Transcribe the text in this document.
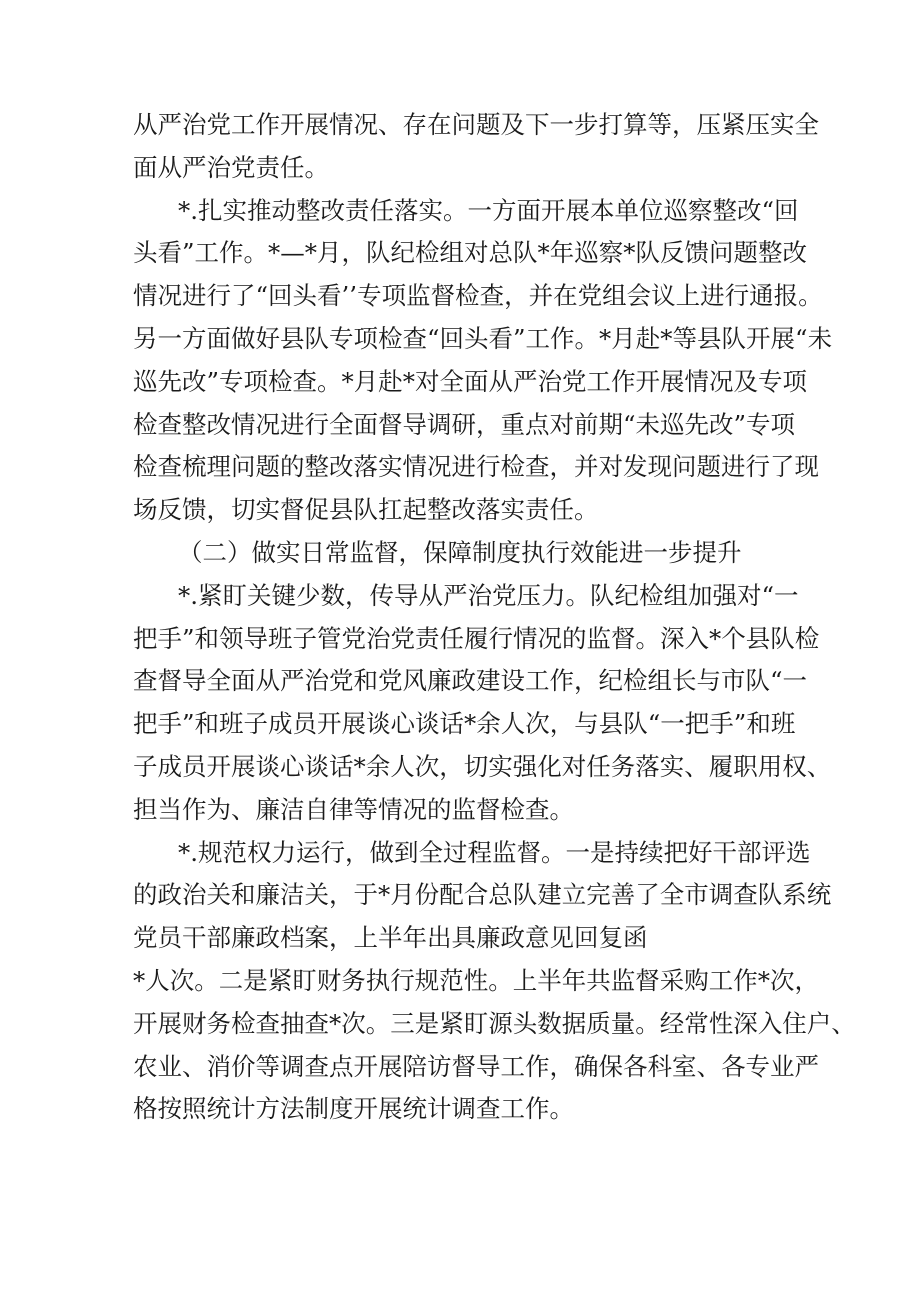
从严治党工作开展情况、存在问题及下一步打算等，压紧压实全
面从严治党责任。
*.扎实推动整改责任落实。一方面开展本单位巡察整改“回
头看”工作。*—*月，队纪检组对总队*年巡察*队反馈问题整改
情况进行了“回头看’’专项监督检查，并在党组会议上进行通报。
另一方面做好县队专项检查“回头看”工作。*月赴*等县队开展“未
巡先改”专项检查。*月赴*对全面从严治党工作开展情况及专项
检查整改情况进行全面督导调研，重点对前期“未巡先改”专项
检查梳理问题的整改落实情况进行检查，并对发现问题进行了现
场反馈，切实督促县队扛起整改落实责任。
（二）做实日常监督，保障制度执行效能进一步提升
*.紧盯关键少数，传导从严治党压力。队纪检组加强对“一
把手”和领导班子管党治党责任履行情况的监督。深入*个县队检
查督导全面从严治党和党风廉政建设工作，纪检组长与市队“一
把手”和班子成员开展谈心谈话*余人次，与县队“一把手”和班
子成员开展谈心谈话*余人次，切实强化对任务落实、履职用权、
担当作为、廉洁自律等情况的监督检查。
*.规范权力运行，做到全过程监督。一是持续把好干部评选
的政治关和廉洁关，于*月份配合总队建立完善了全市调查队系统
党员干部廉政档案，上半年出具廉政意见回复函
*人次。二是紧盯财务执行规范性。上半年共监督采购工作*次，
开展财务检查抽查*次。三是紧盯源头数据质量。经常性深入住户、
农业、消价等调查点开展陪访督导工作，确保各科室、各专业严
格按照统计方法制度开展统计调查工作。
